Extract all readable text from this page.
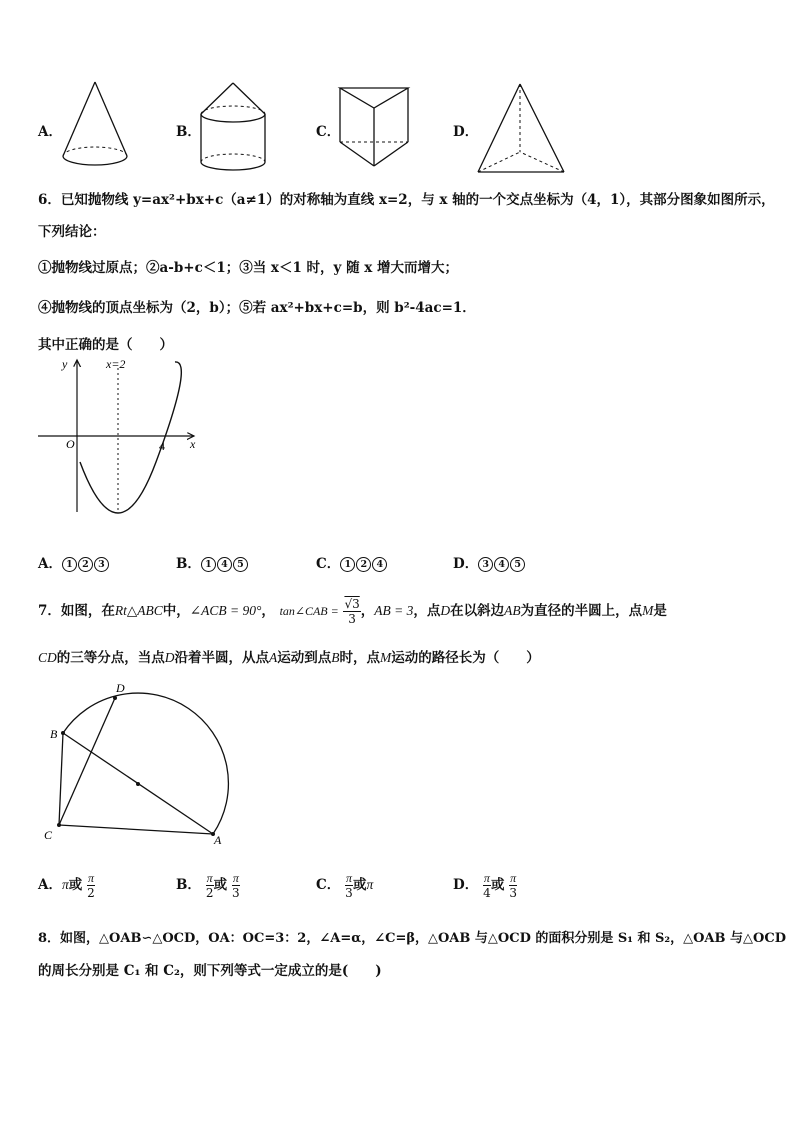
A．	B．	C．	D．
6．已知抛物线 y=ax²+bx+c（a≠1）的对称轴为直线 x=2，与 x 轴的一个交点坐标为（4，1），其部分图象如图所示，
下列结论：
①抛物线过原点；②a-b+c＜1；③当 x＜1 时，y 随 x 增大而增大；
④抛物线的顶点坐标为（2，b）；⑤若 ax²+bx+c=b，则 b²-4ac=1．
其中正确的是（　　）
y
x
O
x=2
4
A． 1 2 3	B． 1 4 5	C． 1 2 4	D． 3 4 5
7．如图，在Rt△ABC中，∠ACB = 90°， tan∠CAB = $\frac{√3}{3}$ ，AB = 3，点D在以斜边AB为直径的半圆上，点M是
CD的三等分点，当点D沿着半圆，从点A运动到点B时，点M运动的路径长为（　　）
D
B
C	A
A．π或 $\frac{\pi}{2}$	B． $\frac{\pi}{2}$ 或 $\frac{\pi}{3}$	C． $\frac{\pi}{3}$ 或π	D． $\frac{\pi}{4}$ 或 $\frac{\pi}{3}$
8．如图，△OAB∽△OCD，OA：OC=3：2，∠A=α，∠C=β，△OAB 与△OCD 的面积分别是 S₁ 和 S₂，△OAB 与△OCD
的周长分别是 C₁ 和 C₂，则下列等式一定成立的是(　　)
